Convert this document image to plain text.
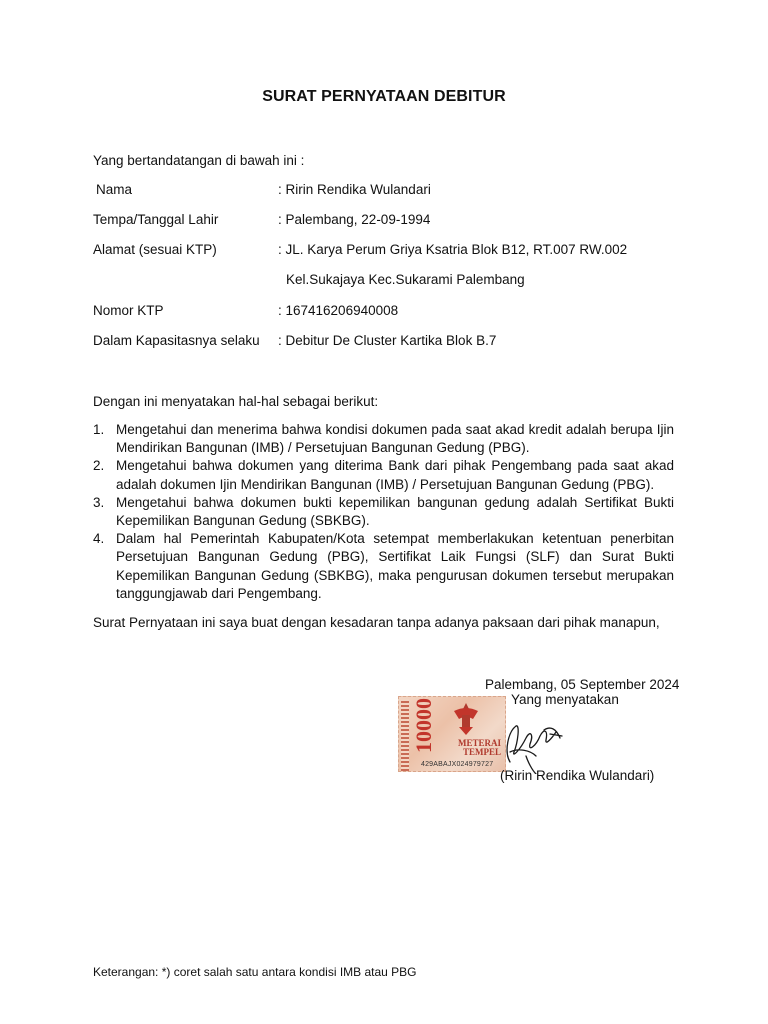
SURAT PERNYATAAN DEBITUR
Yang bertandatangan di bawah ini :
Nama	: Ririn Rendika Wulandari
Tempa/Tanggal Lahir	: Palembang, 22-09-1994
Alamat (sesuai KTP)	: JL. Karya Perum Griya Ksatria Blok B12, RT.007 RW.002
Kel.Sukajaya Kec.Sukarami Palembang
Nomor KTP	: 167416206940008
Dalam Kapasitasnya selaku : Debitur De Cluster Kartika Blok B.7
Dengan ini menyatakan hal-hal sebagai berikut:
1. Mengetahui dan menerima bahwa kondisi dokumen pada saat akad kredit adalah berupa Ijin Mendirikan Bangunan (IMB) / Persetujuan Bangunan Gedung (PBG).
2. Mengetahui bahwa dokumen yang diterima Bank dari pihak Pengembang pada saat akad adalah dokumen Ijin Mendirikan Bangunan (IMB) / Persetujuan Bangunan Gedung (PBG).
3. Mengetahui bahwa dokumen bukti kepemilikan bangunan gedung adalah Sertifikat Bukti Kepemilikan Bangunan Gedung (SBKBG).
4. Dalam hal Pemerintah Kabupaten/Kota setempat memberlakukan ketentuan penerbitan Persetujuan Bangunan Gedung (PBG), Sertifikat Laik Fungsi (SLF) dan Surat Bukti Kepemilikan Bangunan Gedung (SBKBG), maka pengurusan dokumen tersebut merupakan tanggungjawab dari Pengembang.
Surat Pernyataan ini saya buat dengan kesadaran tanpa adanya paksaan dari pihak manapun,
Palembang, 05 September 2024
Yang menyatakan
10000 METERAI
TEMPEL
429ABAJX024979727
(Ririn Rendika Wulandari)
Keterangan: *) coret salah satu antara kondisi IMB atau PBG
